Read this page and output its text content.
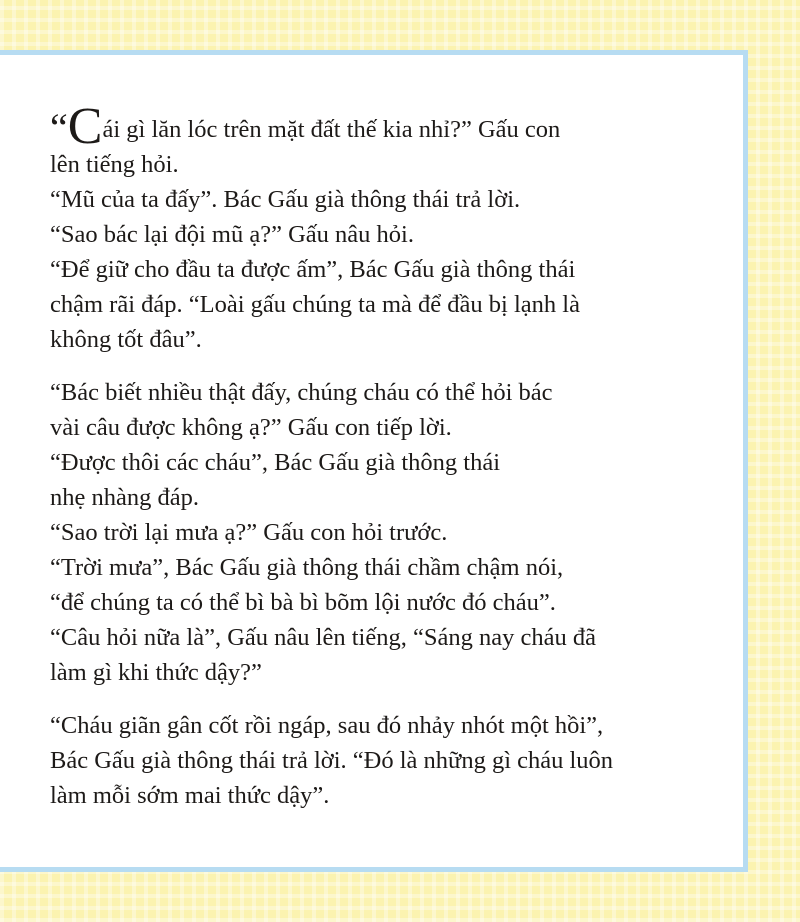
“Cái gì lăn lóc trên mặt đất thế kia nhỉ?” Gấu con
lên tiếng hỏi.
“Mũ của ta đấy”. Bác Gấu già thông thái trả lời.
“Sao bác lại đội mũ ạ?” Gấu nâu hỏi.
“Để giữ cho đầu ta được ấm”, Bác Gấu già thông thái
chậm rãi đáp. “Loài gấu chúng ta mà để đầu bị lạnh là
không tốt đâu”.

“Bác biết nhiều thật đấy, chúng cháu có thể hỏi bác
vài câu được không ạ?” Gấu con tiếp lời.
“Được thôi các cháu”, Bác Gấu già thông thái
nhẹ nhàng đáp.
“Sao trời lại mưa ạ?” Gấu con hỏi trước.
“Trời mưa”, Bác Gấu già thông thái chầm chậm nói,
“để chúng ta có thể bì bà bì bõm lội nước đó cháu”.
“Câu hỏi nữa là”, Gấu nâu lên tiếng, “Sáng nay cháu đã
làm gì khi thức dậy?”

“Cháu giãn gân cốt rồi ngáp, sau đó nhảy nhót một hồi”,
Bác Gấu già thông thái trả lời. “Đó là những gì cháu luôn
làm mỗi sớm mai thức dậy”.
